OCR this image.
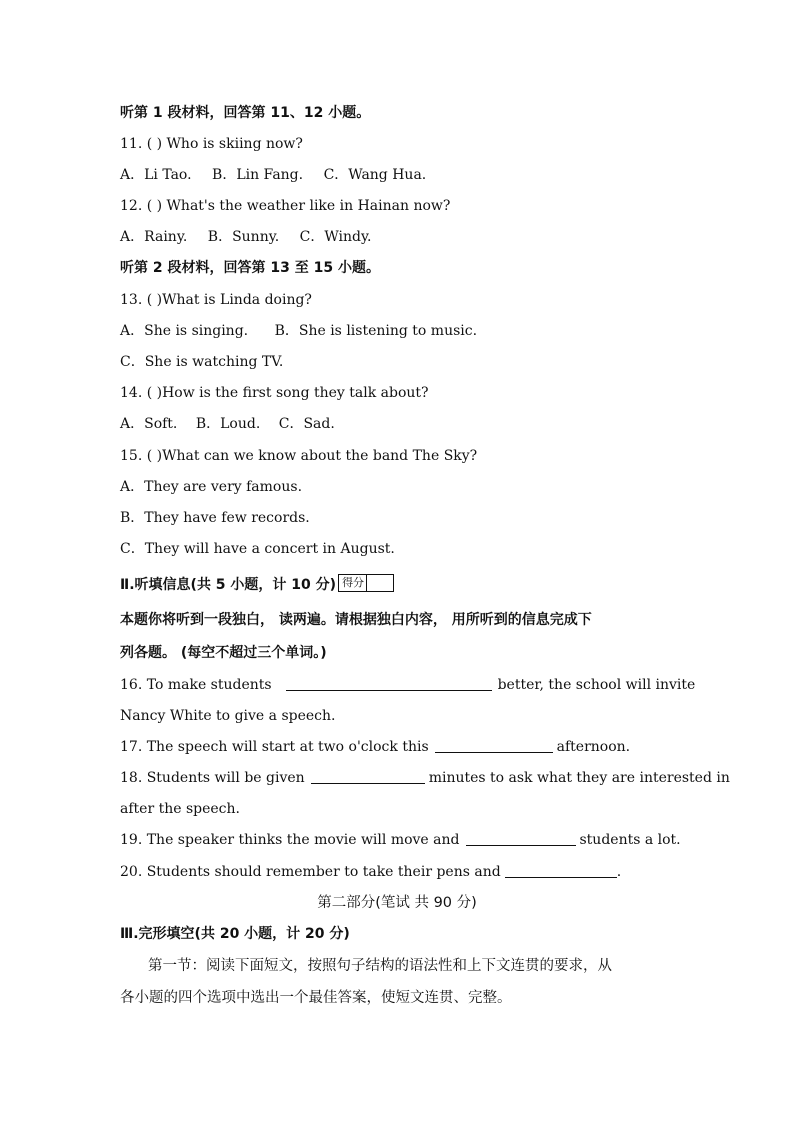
听第 1 段材料，回答第 11、12 小题。
11. ( ) Who is skiing now?
A．Li Tao. B．Lin Fang. C．Wang Hua.
12. ( ) What's the weather like in Hainan now?
A．Rainy. B．Sunny. C．Windy.
听第 2 段材料，回答第 13 至 15 小题。
13. ( )What is Linda doing?
A．She is singing. B．She is listening to music.
C．She is watching TV.
14. ( )How is the first song they talk about?
A．Soft. B．Loud. C．Sad.
15. ( )What can we know about the band The Sky?
A．They are very famous.
B．They have few records.
C．They will have a concert in August.
Ⅱ.听填信息(共 5 小题，计 10 分) 得分
本题你将听到一段独白， 读两遍。请根据独白内容， 用所听到的信息完成下
列各题。 (每空不超过三个单词。)
16. To make students	better, the school will invite
Nancy White to give a speech.
17. The speech will start at two o'clock this	afternoon.
18. Students will be given	minutes to ask what they are interested in
after the speech.
19. The speaker thinks the movie will move and	students a lot.
20. Students should remember to take their pens and	.
第二部分(笔试 共 90 分)
Ⅲ.完形填空(共 20 小题，计 20 分)
第一节：阅读下面短文，按照句子结构的语法性和上下文连贯的要求，从
各小题的四个选项中选出一个最佳答案，使短文连贯、完整。
